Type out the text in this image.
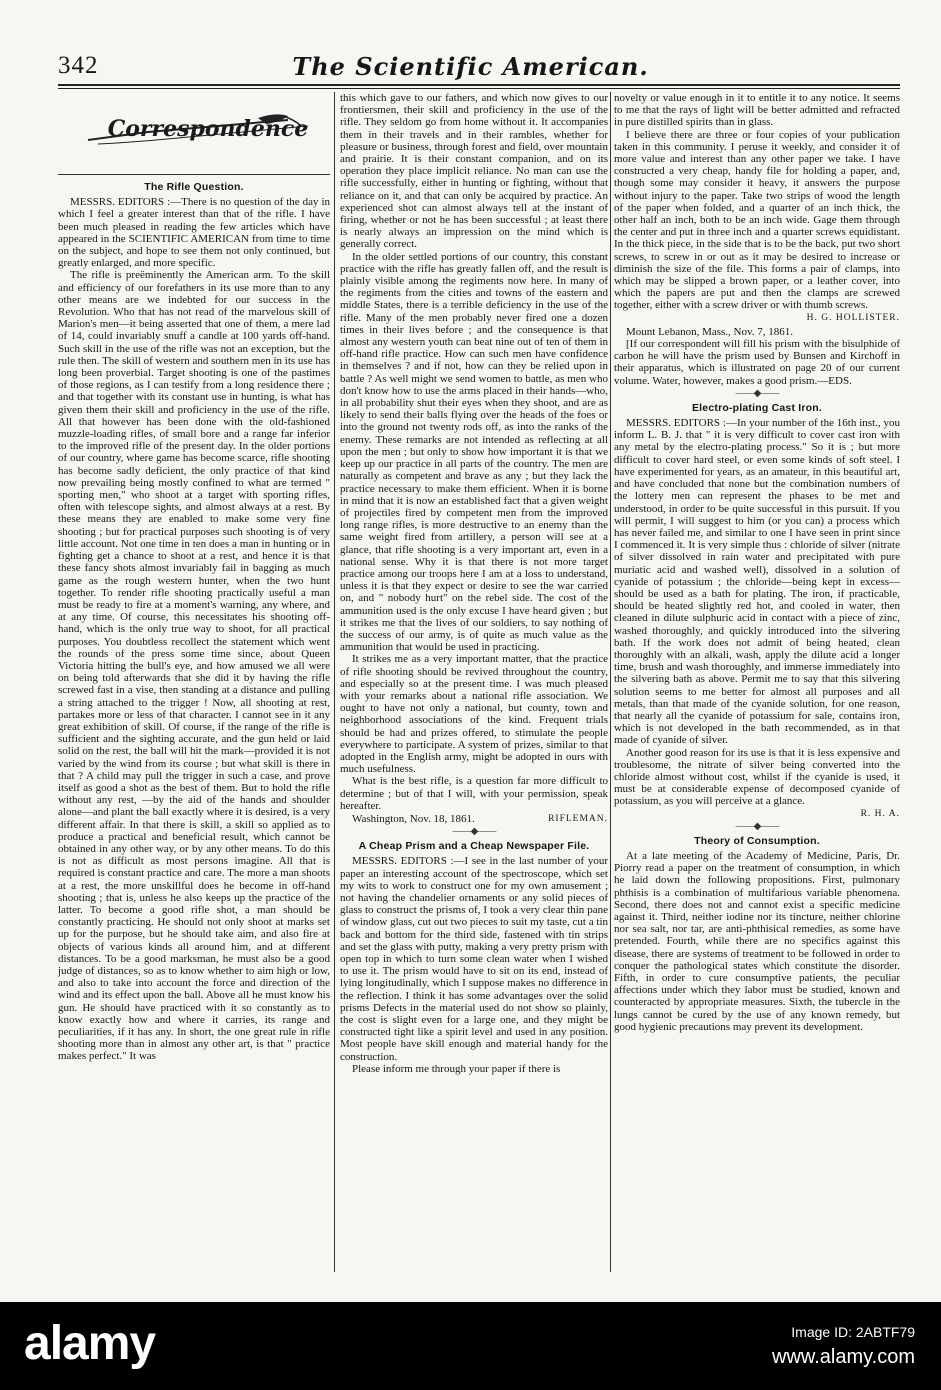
342	The Scientific American.
Correspondence
The Rifle Question.

MESSRS. EDITORS :—There is no question of the day in which I feel a greater interest than that of the rifle. I have been much pleased in reading the few articles which have appeared in the SCIENTIFIC AMERICAN from time to time on the subject, and hope to see them not only continued, but greatly enlarged, and more specific.

The rifle is preëminently the American arm. To the skill and efficiency of our forefathers in its use more than to any other means are we indebted for our success in the Revolution. Who that has not read of the marvelous skill of Marion's men—it being asserted that one of them, a mere lad of 14, could invariably snuff a candle at 100 yards off-hand. Such skill in the use of the rifle was not an exception, but the rule then. The skill of western and southern men in its use has long been proverbial. Target shooting is one of the pastimes of those regions, as I can testify from a long residence there ; and that together with its constant use in hunting, is what has given them their skill and proficiency in the use of the rifle. All that however has been done with the old-fashioned muzzle-loading rifles, of small bore and a range far inferior to the improved rifle of the present day. In the older portions of our country, where game has become scarce, rifle shooting has become sadly deficient, the only practice of that kind now prevailing being mostly confined to what are termed " sporting men," who shoot at a target with sporting rifles, often with telescope sights, and almost always at a rest. By these means they are enabled to make some very fine shooting ; but for practical purposes such shooting is of very little account. Not one time in ten does a man in hunting or in fighting get a chance to shoot at a rest, and hence it is that these fancy shots almost invariably fail in bagging as much game as the rough western hunter, when the two hunt together. To render rifle shooting practically useful a man must be ready to fire at a moment's warning, any where, and at any time. Of course, this necessitates his shooting off-hand, which is the only true way to shoot, for all practical purposes. You doubtless recollect the statement which went the rounds of the press some time since, about Queen Victoria hitting the bull's eye, and how amused we all were on being told afterwards that she did it by having the rifle screwed fast in a vise, then standing at a distance and pulling a string attached to the trigger ! Now, all shooting at rest, partakes more or less of that character. I cannot see in it any great exhibition of skill. Of course, if the range of the rifle is sufficient and the sighting accurate, and the gun held or laid solid on the rest, the ball will hit the mark—provided it is not varied by the wind from its course ; but what skill is there in that ? A child may pull the trigger in such a case, and prove itself as good a shot as the best of them. But to hold the rifle without any rest, —by the aid of the hands and shoulder alone—and plant the ball exactly where it is desired, is a very different affair. In that there is skill, a skill so applied as to produce a practical and beneficial result, which cannot be obtained in any other way, or by any other means. To do this is not as difficult as most persons imagine. All that is required is constant practice and care. The more a man shoots at a rest, the more unskillful does he become in off-hand shooting ; that is, unless he also keeps up the practice of the latter. To become a good rifle shot, a man should be constantly practicing. He should not only shoot at marks set up for the purpose, but he should take aim, and also fire at objects of various kinds all around him, and at different distances. To be a good marksman, he must also be a good judge of distances, so as to know whether to aim high or low, and also to take into account the force and direction of the wind and its effect upon the ball. Above all he must know his gun. He should have practiced with it so constantly as to know exactly how and where it carries, its range and peculiarities, if it has any. In short, the one great rule in rifle shooting more than in almost any other art, is that " practice makes perfect." It was

this which gave to our fathers, and which now gives to our frontiersmen, their skill and proficiency in the use of the rifle. They seldom go from home without it. It accompanies them in their travels and in their rambles, whether for pleasure or business, through forest and field, over mountain and prairie. It is their constant companion, and on its operation they place implicit reliance. No man can use the rifle successfully, either in hunting or fighting, without that reliance on it, and that can only be acquired by practice. An experienced shot can almost always tell at the instant of firing, whether or not he has been successful ; at least there is nearly always an impression on the mind which is generally correct.

In the older settled portions of our country, this constant practice with the rifle has greatly fallen off, and the result is plainly visible among the regiments now here. In many of the regiments from the cities and towns of the eastern and middle States, there is a terrible deficiency in the use of the rifle. Many of the men probably never fired one a dozen times in their lives before ; and the consequence is that almost any western youth can beat nine out of ten of them in off-hand rifle practice. How can such men have confidence in themselves ? and if not, how can they be relied upon in battle ? As well might we send women to battle, as men who don't know how to use the arms placed in their hands—who, in all probability shut their eyes when they shoot, and are as likely to send their balls flying over the heads of the foes or into the ground not twenty rods off, as into the ranks of the enemy. These remarks are not intended as reflecting at all upon the men ; but only to show how important it is that we keep up our practice in all parts of the country. The men are naturally as competent and brave as any ; but they lack the practice necessary to make them efficient. When it is borne in mind that it is now an established fact that a given weight of projectiles fired by competent men from the improved long range rifles, is more destructive to an enemy than the same weight fired from artillery, a person will see at a glance, that rifle shooting is a very important art, even in a national sense. Why it is that there is not more target practice among our troops here I am at a loss to understand, unless it is that they expect or desire to see the war carried on, and " nobody hurt" on the rebel side. The cost of the ammunition used is the only excuse I have heard given ; but it strikes me that the lives of our soldiers, to say nothing of the success of our army, is of quite as much value as the ammunition that would be used in practicing.

It strikes me as a very important matter, that the practice of rifle shooting should be revived throughout the country, and especially so at the present time. I was much pleased with your remarks about a national rifle association. We ought to have not only a national, but county, town and neighborhood associations of the kind. Frequent trials should be had and prizes offered, to stimulate the people everywhere to participate. A system of prizes, similar to that adopted in the English army, might be adopted in ours with much usefulness.

What is the best rifle, is a question far more difficult to determine ; but of that I will, with your permission, speak hereafter.

Washington, Nov. 18, 1861.	RIFLEMAN.
——◆——
A Cheap Prism and a Cheap Newspaper File.

MESSRS. EDITORS :—I see in the last number of your paper an interesting account of the spectroscope, which set my wits to work to construct one for my own amusement ; not having the chandelier ornaments or any solid pieces of glass to construct the prisms of, I took a very clear thin pane of window glass, cut out two pieces to suit my taste, cut a tin back and bottom for the third side, fastened with tin strips and set the glass with putty, making a very pretty prism with open top in which to turn some clean water when I wished to use it. The prism would have to sit on its end, instead of lying longitudinally, which I suppose makes no difference in the reflection. I think it has some advantages over the solid prisms Defects in the material used do not show so plainly, the cost is slight even for a large one, and they might be constructed tight like a spirit level and used in any position. Most people have skill enough and material handy for the construction.

Please inform me through your paper if there is

novelty or value enough in it to entitle it to any notice. It seems to me that the rays of light will be better admitted and refracted in pure distilled spirits than in glass.

I believe there are three or four copies of your publication taken in this community. I peruse it weekly, and consider it of more value and interest than any other paper we take. I have constructed a very cheap, handy file for holding a paper, and, though some may consider it heavy, it answers the purpose without injury to the paper. Take two strips of wood the length of the paper when folded, and a quarter of an inch thick, the other half an inch, both to be an inch wide. Gage them through the center and put in three inch and a quarter screws equidistant. In the thick piece, in the side that is to be the back, put two short screws, to screw in or out as it may be desired to increase or diminish the size of the file. This forms a pair of clamps, into which may be slipped a brown paper, or a leather cover, into which the papers are put and then the clamps are screwed together, either with a screw driver or with thumb screws.

H. G. HOLLISTER.

Mount Lebanon, Mass., Nov. 7, 1861.

[If our correspondent will fill his prism with the bisulphide of carbon he will have the prism used by Bunsen and Kirchoff in their apparatus, which is illustrated on page 20 of our current volume. Water, however, makes a good prism.—EDS.

——◆——
Electro-plating Cast Iron.

MESSRS. EDITORS :—In your number of the 16th inst., you inform L. B. J. that " it is very difficult to cover cast iron with any metal by the electro-plating process." So it is ; but more difficult to cover hard steel, or even some kinds of soft steel. I have experimented for years, as an amateur, in this beautiful art, and have concluded that none but the combination numbers of the lottery men can represent the phases to be met and understood, in order to be quite successful in this pursuit. If you will permit, I will suggest to him (or you can) a process which has never failed me, and similar to one I have seen in print since I commenced it. It is very simple thus : chloride of silver (nitrate of silver dissolved in rain water and precipitated with pure muriatic acid and washed well), dissolved in a solution of cyanide of potassium ; the chloride—being kept in excess—should be used as a bath for plating. The iron, if practicable, should be heated slightly red hot, and cooled in water, then cleaned in dilute sulphuric acid in contact with a piece of zinc, washed thoroughly, and quickly introduced into the silvering bath. If the work does not admit of being heated, clean thoroughly with an alkali, wash, apply the dilute acid a longer time, brush and wash thoroughly, and immerse immediately into the silvering bath as above. Permit me to say that this silvering solution seems to me better for almost all purposes and all metals, than that made of the cyanide solution, for one reason, that nearly all the cyanide of potassium for sale, contains iron, which is not developed in the bath recommended, as in that made of cyanide of silver.

Another good reason for its use is that it is less expensive and troublesome, the nitrate of silver being converted into the chloride almost without cost, whilst if the cyanide is used, it must be at considerable expense of decomposed cyanide of potassium, as you will perceive at a glance.

R. H. A.
——◆——
Theory of Consumption.

At a late meeting of the Academy of Medicine, Paris, Dr. Piorry read a paper on the treatment of consumption, in which he laid down the following propositions. First, pulmonary phthisis is a combination of multifarious variable phenomena. Second, there does not and cannot exist a specific medicine against it. Third, neither iodine nor its tincture, neither chlorine nor sea salt, nor tar, are anti-phthisical remedies, as some have pretended. Fourth, while there are no specifics against this disease, there are systems of treatment to be followed in order to conquer the pathological states which constitute the disorder. Fifth, in order to cure consumptive patients, the peculiar affections under which they labor must be studied, known and counteracted by appropriate measures. Sixth, the tubercle in the lungs cannot be cured by the use of any known remedy, but good hygienic precautions may prevent its development.

alamy	Image ID: 2ABTF79
www.alamy.com
